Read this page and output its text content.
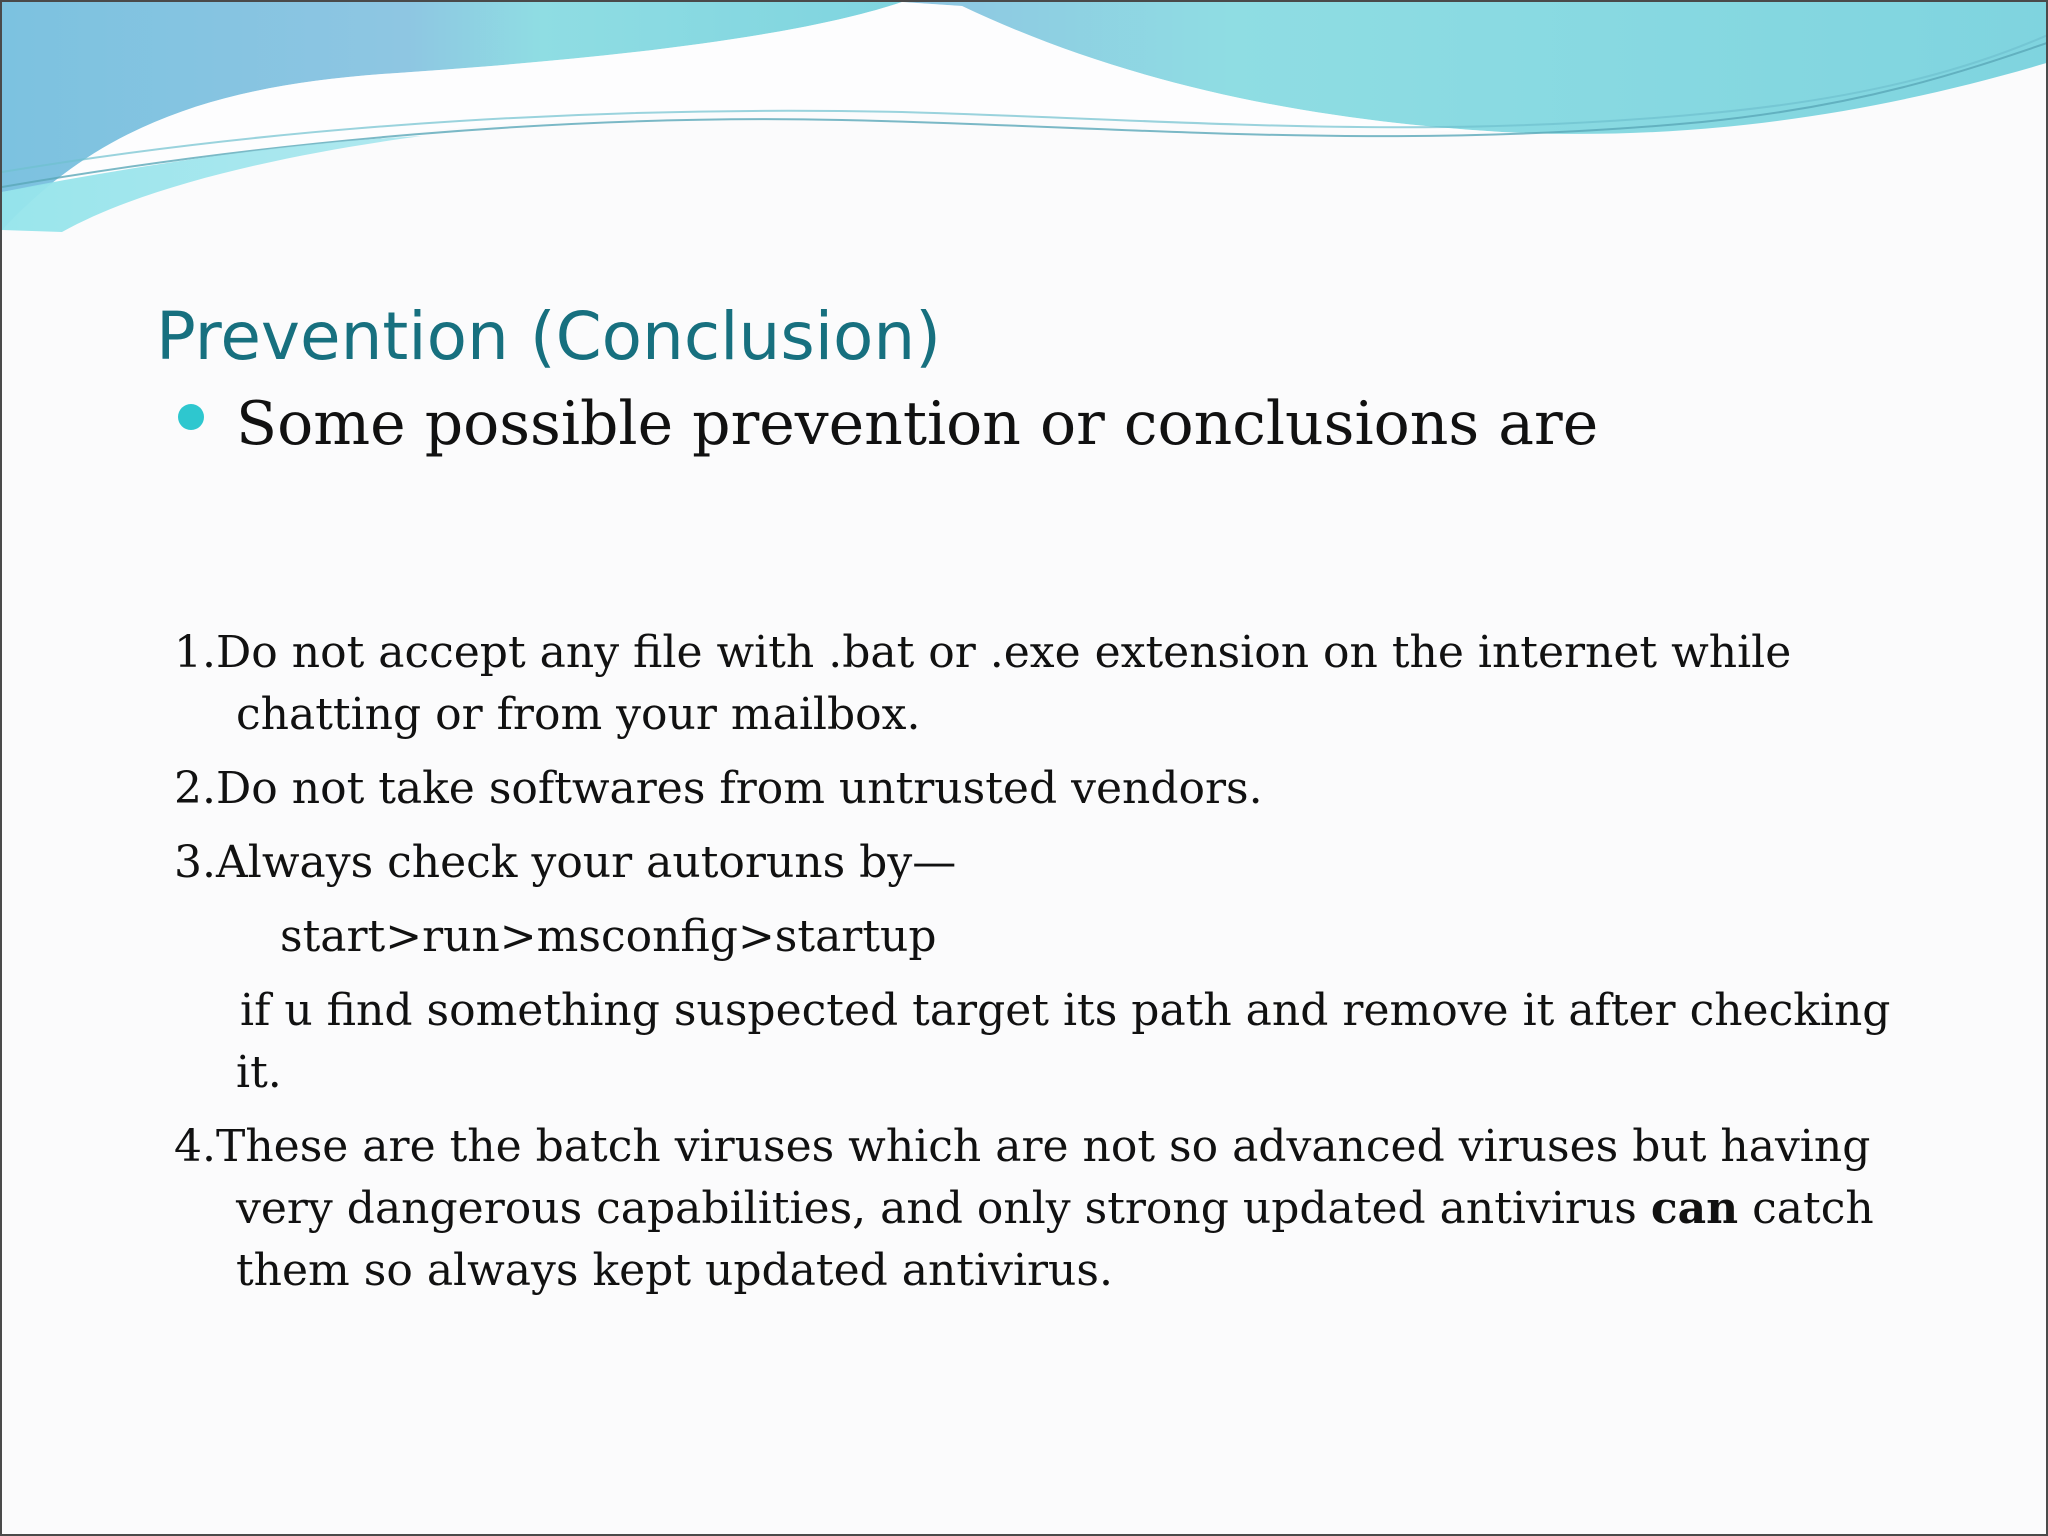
Prevention (Conclusion)
Some possible prevention or conclusions are

1.Do not accept any file with .bat or .exe extension on the internet while chatting or from your mailbox.

2.Do not take softwares from untrusted vendors.

3.Always check your autoruns by—

start>run>msconfig>startup

if u find something suspected target its path and remove it after checking it.

4.These are the batch viruses which are not so advanced viruses but having very dangerous capabilities, and only strong updated antivirus can catch them so always kept updated antivirus.
